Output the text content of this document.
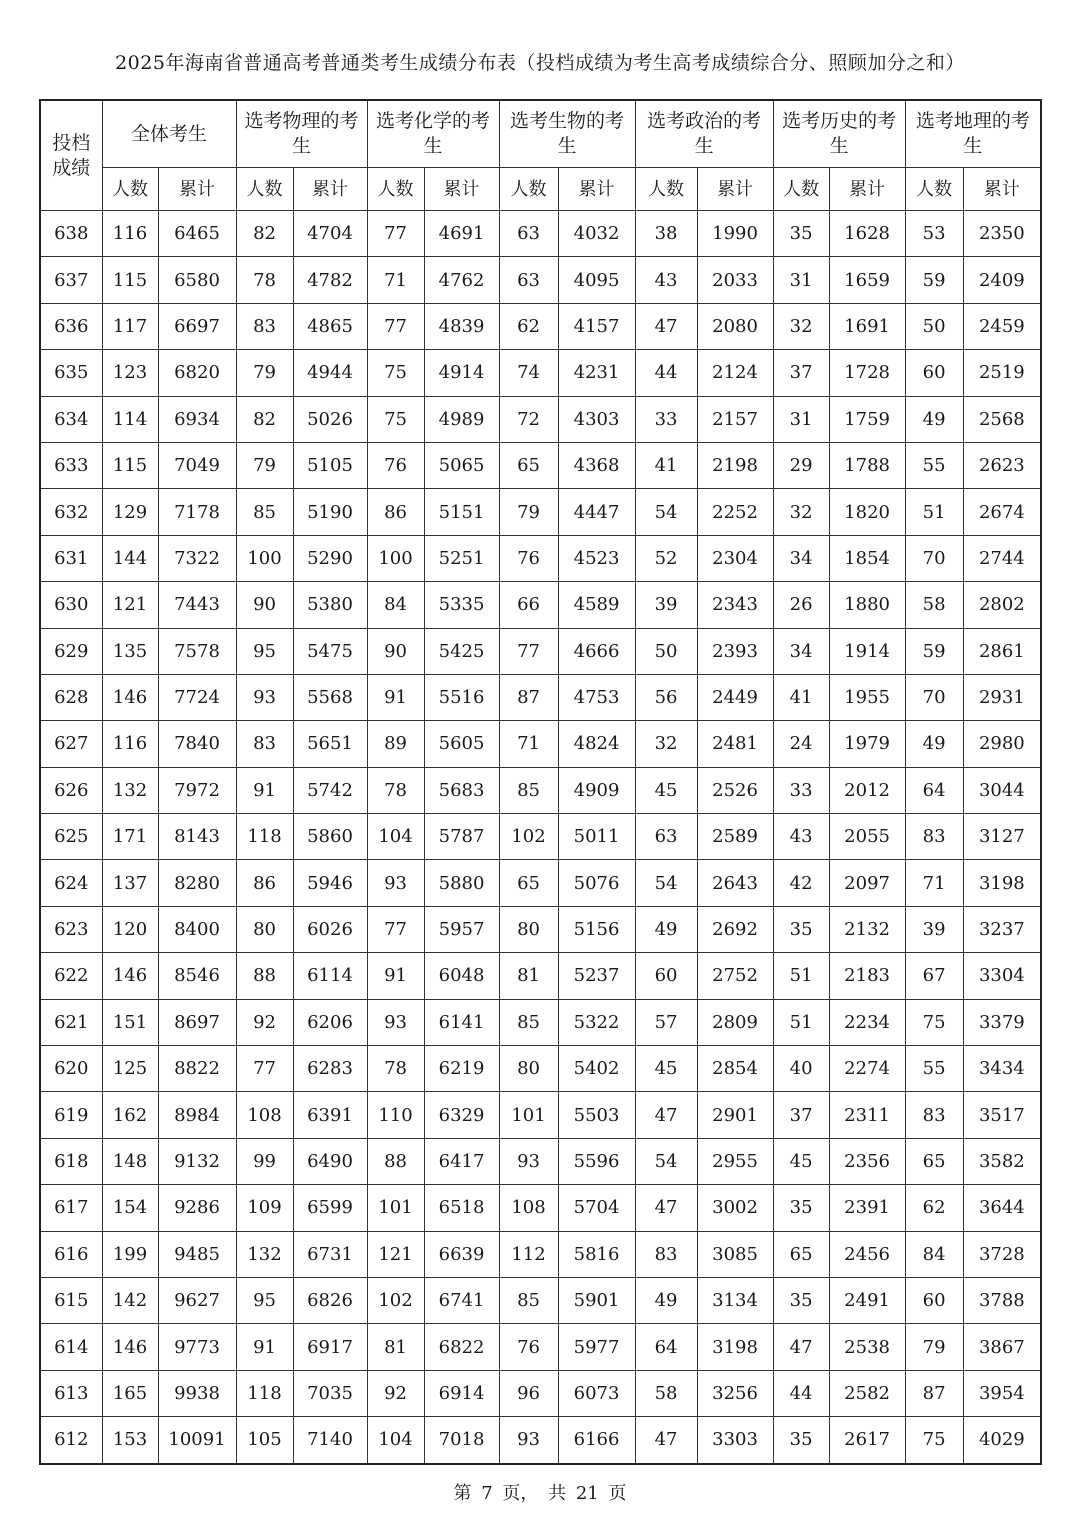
2025年海南省普通高考普通类考生成绩分布表（投档成绩为考生高考成绩综合分、照顾加分之和）
投档
成绩	全体考生		选考物理的考生		选考化学的考生		选考生物的考生		选考政治的考生		选考历史的考生		选考地理的考生	
	人数	累计	人数	累计	人数	累计	人数	累计	人数	累计	人数	累计	人数	累计
638	116	6465	82	4704	77	4691	63	4032	38	1990	35	1628	53	2350
637	115	6580	78	4782	71	4762	63	4095	43	2033	31	1659	59	2409
636	117	6697	83	4865	77	4839	62	4157	47	2080	32	1691	50	2459
635	123	6820	79	4944	75	4914	74	4231	44	2124	37	1728	60	2519
634	114	6934	82	5026	75	4989	72	4303	33	2157	31	1759	49	2568
633	115	7049	79	5105	76	5065	65	4368	41	2198	29	1788	55	2623
632	129	7178	85	5190	86	5151	79	4447	54	2252	32	1820	51	2674
631	144	7322	100	5290	100	5251	76	4523	52	2304	34	1854	70	2744
630	121	7443	90	5380	84	5335	66	4589	39	2343	26	1880	58	2802
629	135	7578	95	5475	90	5425	77	4666	50	2393	34	1914	59	2861
628	146	7724	93	5568	91	5516	87	4753	56	2449	41	1955	70	2931
627	116	7840	83	5651	89	5605	71	4824	32	2481	24	1979	49	2980
626	132	7972	91	5742	78	5683	85	4909	45	2526	33	2012	64	3044
625	171	8143	118	5860	104	5787	102	5011	63	2589	43	2055	83	3127
624	137	8280	86	5946	93	5880	65	5076	54	2643	42	2097	71	3198
623	120	8400	80	6026	77	5957	80	5156	49	2692	35	2132	39	3237
622	146	8546	88	6114	91	6048	81	5237	60	2752	51	2183	67	3304
621	151	8697	92	6206	93	6141	85	5322	57	2809	51	2234	75	3379
620	125	8822	77	6283	78	6219	80	5402	45	2854	40	2274	55	3434
619	162	8984	108	6391	110	6329	101	5503	47	2901	37	2311	83	3517
618	148	9132	99	6490	88	6417	93	5596	54	2955	45	2356	65	3582
617	154	9286	109	6599	101	6518	108	5704	47	3002	35	2391	62	3644
616	199	9485	132	6731	121	6639	112	5816	83	3085	65	2456	84	3728
615	142	9627	95	6826	102	6741	85	5901	49	3134	35	2491	60	3788
614	146	9773	91	6917	81	6822	76	5977	64	3198	47	2538	79	3867
613	165	9938	118	7035	92	6914	96	6073	58	3256	44	2582	87	3954
612	153	10091	105	7140	104	7018	93	6166	47	3303	35	2617	75	4029
第 7 页， 共 21 页
